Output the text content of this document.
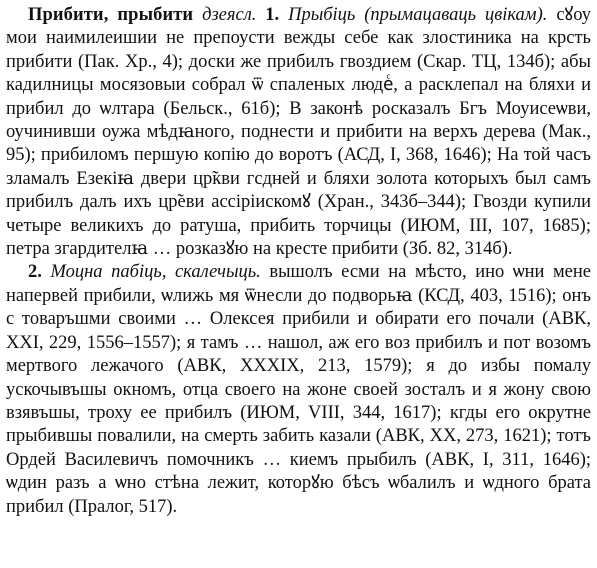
Прибити, прыбити дзеясл. 1. Прыбіць (прымацаваць цвікам). сꙋоу мои наимилеишии не препоусти вежды себе как злостиника на крсть прибити (Пак. Хр., 4); доски же прибилъ гвоздием (Скар. ТЦ, 134б); абы кадилницы мосязовыи собрал ѿ спаленых людеⷭ, а расклепал на бляхи и прибил до ѡлтара (Бельск., 61б); В законѣ росказалъ Бгъ Моуисеѡви, оучинивши оужа мѣдꙗного, поднести и прибити на верхъ дерева (Мак., 95); прибиломъ першую копію до воротъ (АСД, I, 368, 1646); На той часъ зламалъ Езекіꙗ двери цр̃кви гсдней и бляхи золота которыхъ был самъ прибилъ далъ ихъ цр̃еви ассіріискомꙋ (Хран., 343б–344); Гвозди купили четыре великихъ до ратуша, прибить торчицы (ИЮМ, III, 107, 1685); петра згардителꙗ … розказꙋю на кресте прибити (Зб. 82, 314б).

2. Моцна пабіць, скалечыць. вышолъ есми на мѣсто, ино ѡни мене напервей прибили, ѡлижь мя ѿнесли до подворьꙗ (КСД, 403, 1516); онъ с товаръшми своими … Олексея прибили и обирати его почали (АВК, XXI, 229, 1556–1557); я тамъ … нашол, аж его воз прибилъ и пот возомъ мертвого лежачого (АВК, XXXIX, 213, 1579); я до избы помалу ускочывъшы окномъ, отца своего на жоне своей зосталъ и я жону свою взявъшы, троху ее прибилъ (ИЮМ, VIII, 344, 1617); кгды его окрутне прыбившы повалили, на смерть забить казали (АВК, XX, 273, 1621); тотъ Ордей Василевичъ помочникъ … киемъ прыбилъ (АВК, I, 311, 1646); ѡдин разъ а ѡно стѣна лежит, которꙋю бѣсъ ѡбалилъ и ѡдного брата прибил (Пралог, 517).
